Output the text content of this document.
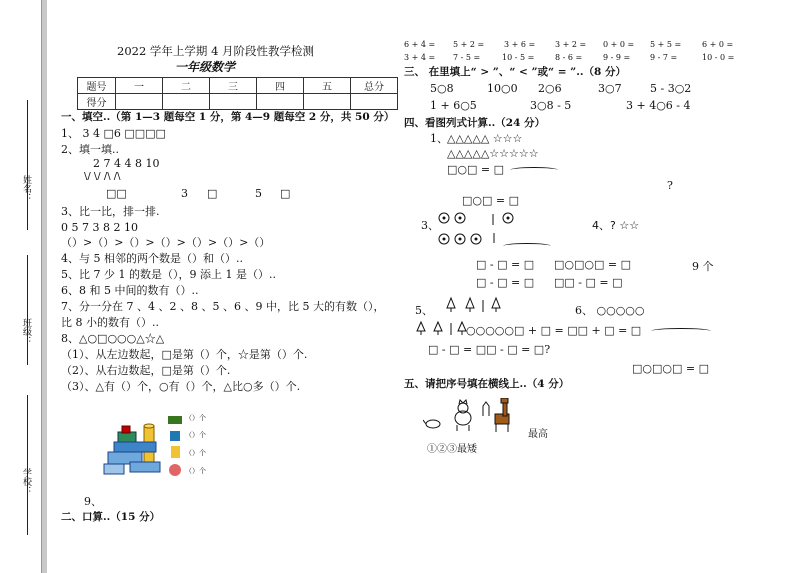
姓名：
班级：
学校：
2022 学年上学期 4 月阶段性教学检测
一年级数学
题号	一	二	三	四	五	总分
得分						
一、填空..（第 1—3 题每空 1 分，第 4—9 题每空 2 分，共 50 分）
1、 3 4 □6 □□□□
2、填一填..
2 7 4 4 8 10
\/ \/ /\ /\
□□	3 □	5 □
3、比一比，排一排.
0 5 7 3 8 2 10
（）>（）>（）>（）>（）>（）>（）
4、与 5 相邻的两个数是（）和（）..
5、比 7 少 1 的数是（），9 添上 1 是（）..
6、8 和 5 中间的数有（）..
7、分一分在 7 、4 、2 、8 、5 、6 、9 中，比 5 大的有数（），
比 8 小的数有（）..
8、△○□○○○△☆△
（1）、从左边数起，□是第（）个，☆是第（）个.
（2）、从右边数起，□是第（）个.
（3）、△有（）个，○有（）个，△比○多（）个.
（）个
（）个
（）个
（）个
9、
二、口算..（15 分）
6 + 4 = 5 + 2 = 3 + 6 = 3 + 2 = 0 + 0 = 5 + 5 =	6 + 0 =
3 + 4 = 7 - 5 =	10 - 5 =	8 - 6 =	9 - 9 = 9 - 7 =	10 - 0 =
三、 在里填上“ > ”、“ < ”或“ = ”..（8 分）
5○8	10○0 2○6	3○7	5 - 3○2
1 + 6○5	3○8 - 5	3 + 4○6 - 4
四、看图列式计算..（24 分）
1、 △△△△△ ☆☆☆
△△△△△☆☆☆☆☆
□○□ = □
?
□○□ = □
3、	4、? ☆☆
□ - □ = □ □○□○□ = □	9 个
□ - □ = □ □□ - □ = □
5、	6、 ○○○○○
○○○○○□ + □ = □□ + □ = □
□ - □ = □□ - □ = □?
□○□○□ = □
五、请把序号填在横线上..（4 分）
最高
①②③最矮
